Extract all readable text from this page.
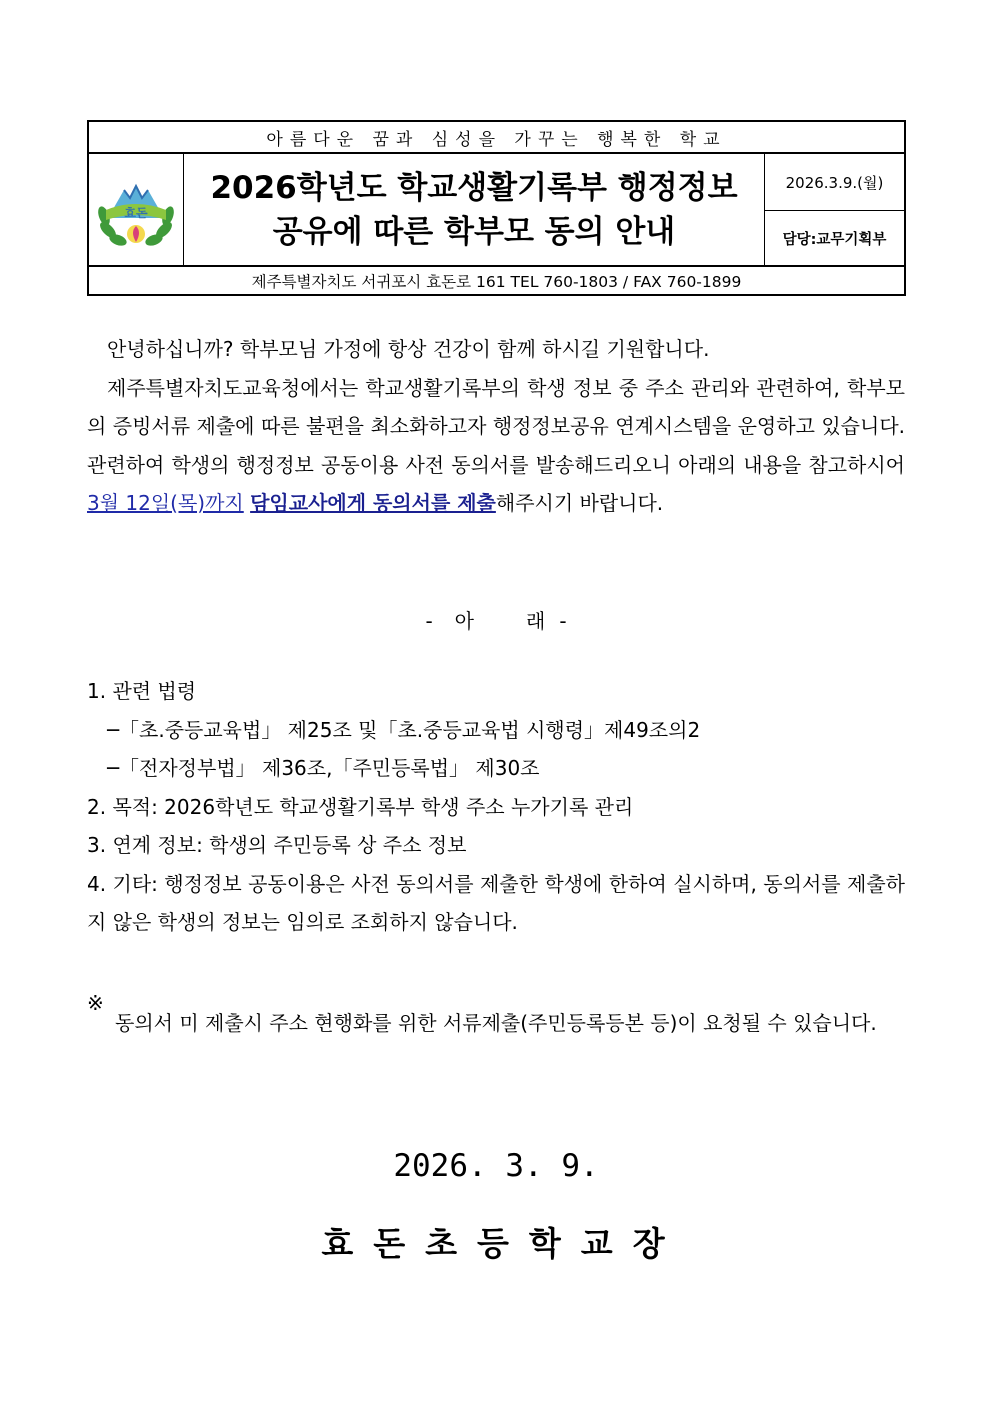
아름다운 꿈과 심성을 가꾸는 행복한 학교
효돈
2026학년도 학교생활기록부 행정정보
공유에 따른 학부모 동의 안내
2026.3.9.(월)
담당:교무기획부
제주특별자치도 서귀포시 효돈로 161 TEL 760-1803 / FAX 760-1899

안녕하십니까? 학부모님 가정에 항상 건강이 함께 하시길 기원합니다.

제주특별자치도교육청에서는 학교생활기록부의 학생 정보 중 주소 관리와 관련하여, 학부모의 증빙서류 제출에 따른 불편을 최소화하고자 행정정보공유 연계시스템을 운영하고 있습니다. 관련하여 학생의 행정정보 공동이용 사전 동의서를 발송해드리오니 아래의 내용을 참고하시어 3월 12일(목)까지 담임교사에게 동의서를 제출해주시기 바랍니다.

- 아	래 -

1. 관련 법령

─「초.중등교육법」 제25조 및「초.중등교육법 시행령」제49조의2

─「전자정부법」 제36조,「주민등록법」 제30조

2. 목적: 2026학년도 학교생활기록부 학생 주소 누가기록 관리

3. 연계 정보: 학생의 주민등록 상 주소 정보

4. 기타: 행정정보 공동이용은 사전 동의서를 제출한 학생에 한하여 실시하며, 동의서를 제출하지 않은 학생의 정보는 임의로 조회하지 않습니다.

※

동의서 미 제출시 주소 현행화를 위한 서류제출(주민등록등본 등)이 요청될 수 있습니다.

2026. 3. 9.
효돈초등학교장
